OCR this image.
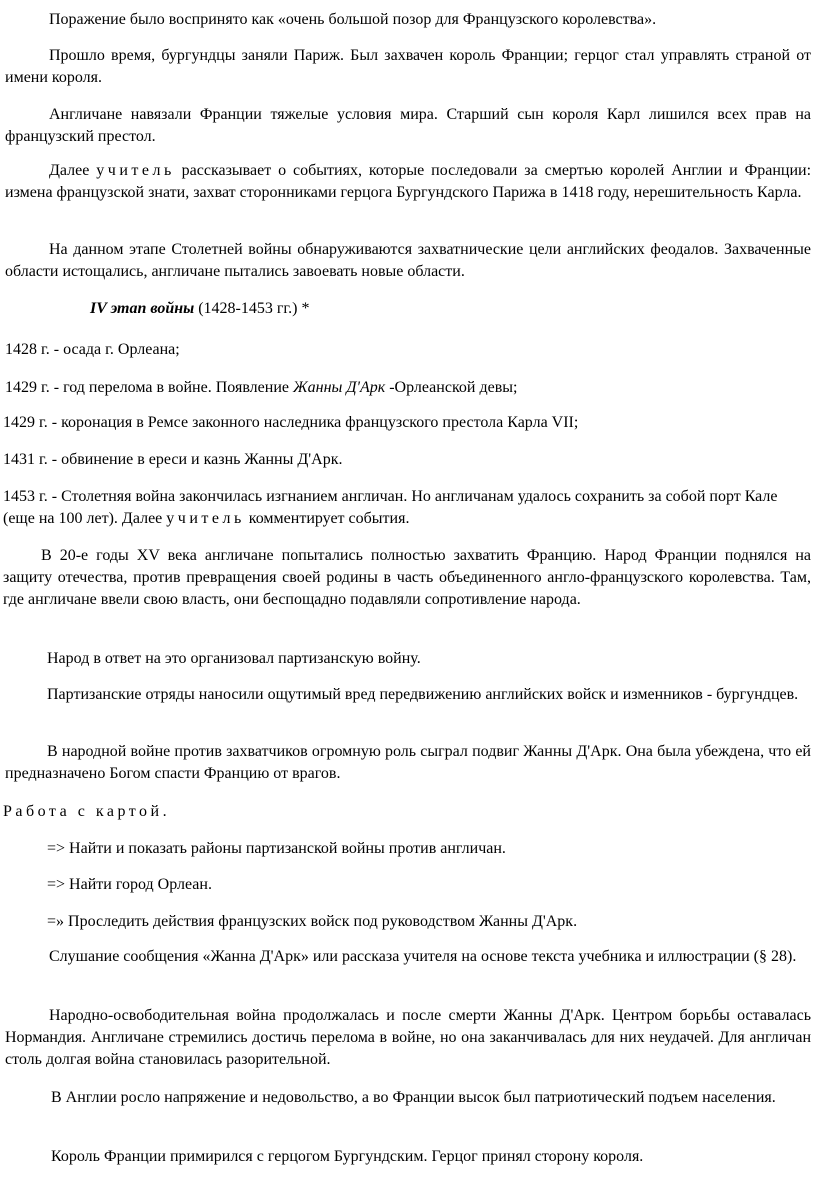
Поражение было воспринято как «очень большой позор для Французского королевства».

Прошло время, бургундцы заняли Париж. Был захвачен король Франции; герцог стал управлять страной от имени короля.

Англичане навязали Франции тяжелые условия мира. Старший сын короля Карл лишился всех прав на французский престол.

Далее учитель рассказывает о событиях, которые последовали за смертью королей Англии и Франции: измена французской знати, захват сторонниками герцога Бургундского Парижа в 1418 году, нерешительность Карла.

На данном этапе Столетней войны обнаруживаются захватнические цели английских феодалов. Захваченные области истощались, англичане пытались завоевать новые области.

IV этап войны (1428-1453 гг.) *

1428 г. - осада г. Орлеана;

1429 г. - год перелома в войне. Появление Жанны Д'Арк -Орлеанской девы;

1429 г. - коронация в Ремсе законного наследника французского престола Карла VII;

1431 г. - обвинение в ереси и казнь Жанны Д'Арк.

1453 г. - Столетняя война закончилась изгнанием англичан. Но англичанам удалось сохранить за собой порт Кале (еще на 100 лет). Далее учитель комментирует события.

В 20-е годы XV века англичане попытались полностью захватить Францию. Народ Франции поднялся на защиту отечества, против превращения своей родины в часть объединенного англо-французского королевства. Там, где англичане ввели свою власть, они беспощадно подавляли сопротивление народа.

Народ в ответ на это организовал партизанскую войну.

Партизанские отряды наносили ощутимый вред передвижению английских войск и изменников - бургундцев.

В народной войне против захватчиков огромную роль сыграл подвиг Жанны Д'Арк. Она была убеждена, что ей предназначено Богом спасти Францию от врагов.

Работа с картой.

=> Найти и показать районы партизанской войны против англичан.

=> Найти город Орлеан.

=» Проследить действия французских войск под руководством Жанны Д'Арк.

Слушание сообщения «Жанна Д'Арк» или рассказа учителя на основе текста учебника и иллюстрации (§ 28).

Народно-освободительная война продолжалась и после смерти Жанны Д'Арк. Центром борьбы оставалась Нормандия. Англичане стремились достичь перелома в войне, но она заканчивалась для них неудачей. Для англичан столь долгая война становилась разорительной.

В Англии росло напряжение и недовольство, а во Франции высок был патриотический подъем населения.

Король Франции примирился с герцогом Бургундским. Герцог принял сторону короля.
